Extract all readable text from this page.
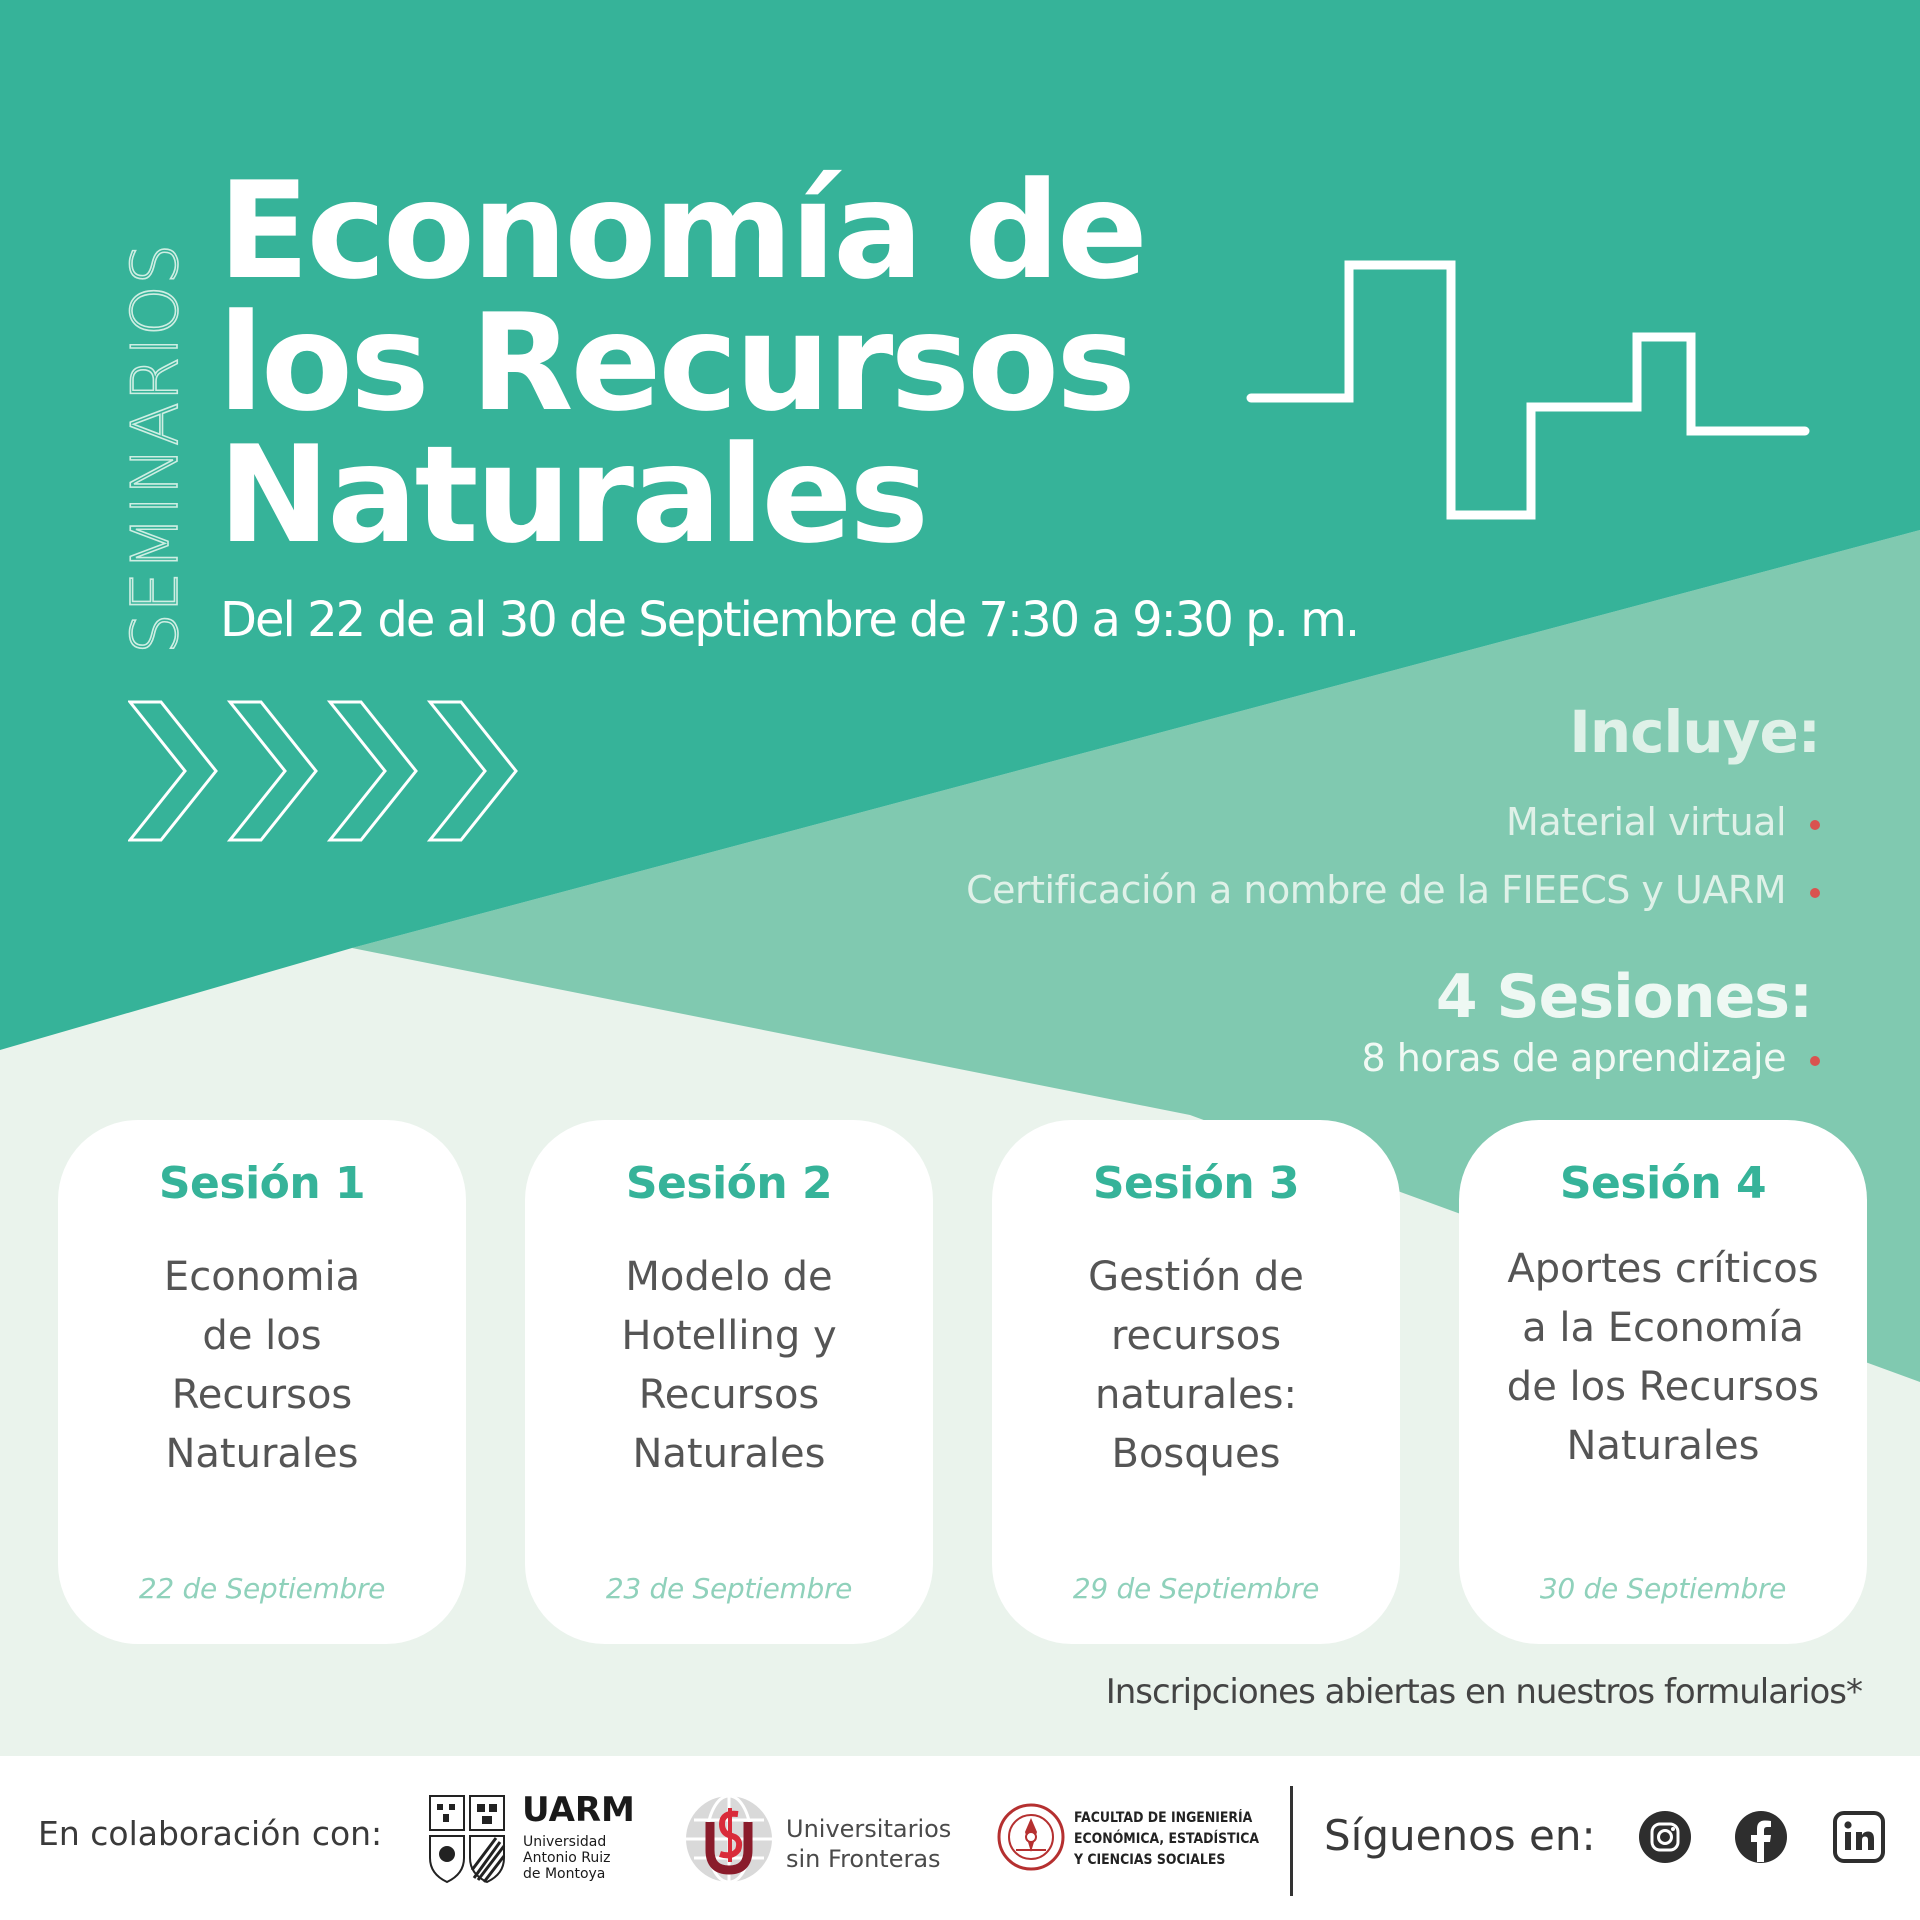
SEMINARIOS
Economía de
los Recursos
Naturales
Del 22 de al 30 de Septiembre de 7:30 a 9:30 p. m.
Incluye:
Material virtual
Certificación a nombre de la FIEECS y UARM
4 Sesiones:
8 horas de aprendizaje
Sesión 1
Economia
de los
Recursos
Naturales
22 de Septiembre
Sesión 2
Modelo de
Hotelling y
Recursos
Naturales
23 de Septiembre
Sesión 3
Gestión de
recursos
naturales:
Bosques
29 de Septiembre
Sesión 4
Aportes críticos
a la Economía
de los Recursos
Naturales
30 de Septiembre
Inscripciones abiertas en nuestros formularios*
En colaboración con:
UARM
Universidad
Antonio Ruiz
de Montoya
Universitarios
sin Fronteras
FACULTAD DE INGENIERÍA
ECONÓMICA, ESTADÍSTICA
Y CIENCIAS SOCIALES	Síguenos en:
